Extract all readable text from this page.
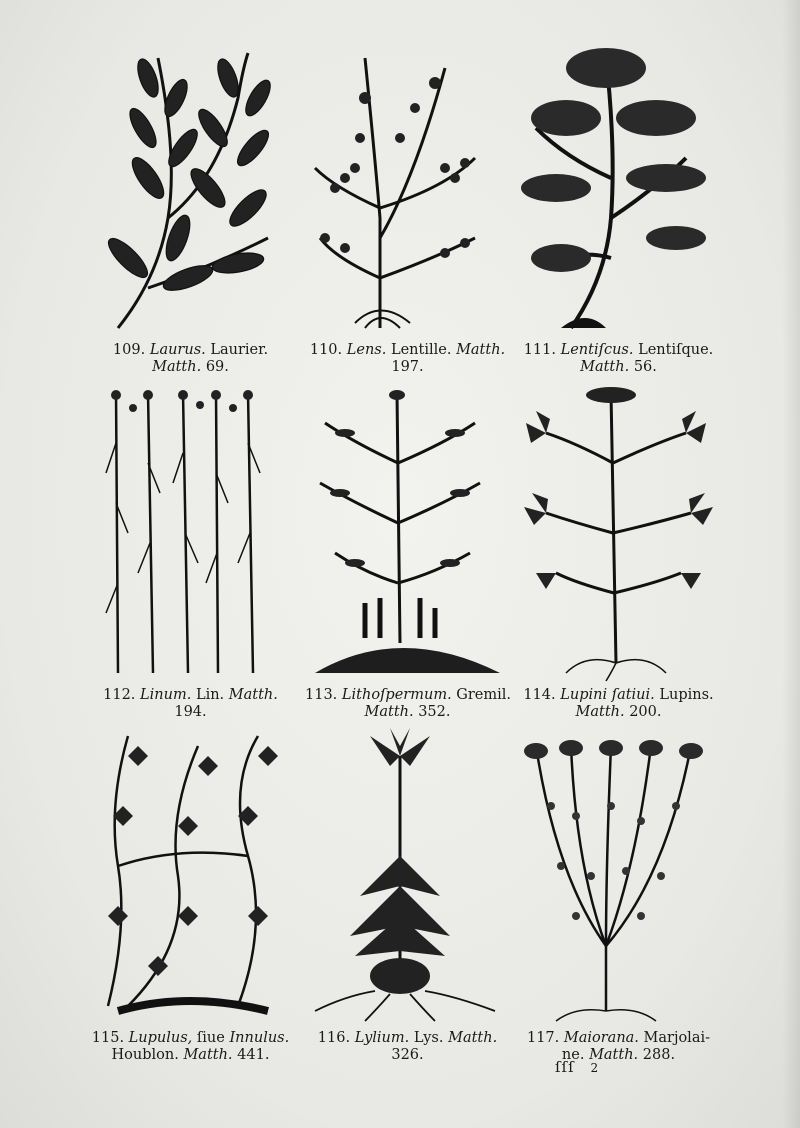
109. Laurus. Laurier.
Matth. 69.
110. Lens. Lentille. Matth.
197.
111. Lentiſcus. Lentiſque.
Matth. 56.
112. Linum. Lin. Matth.
194.
113. Lithoſpermum. Gremil.
Matth. 352.
114. Lupini ſatiui. Lupins.
Matth. 200.
115. Lupulus, ſiue Innulus.
Houblon. Matth. 441.
116. Lylium. Lys. Matth.
326.
117. Maiorana. Marjolai-
ne. Matth. 288.
ſſſ 2
